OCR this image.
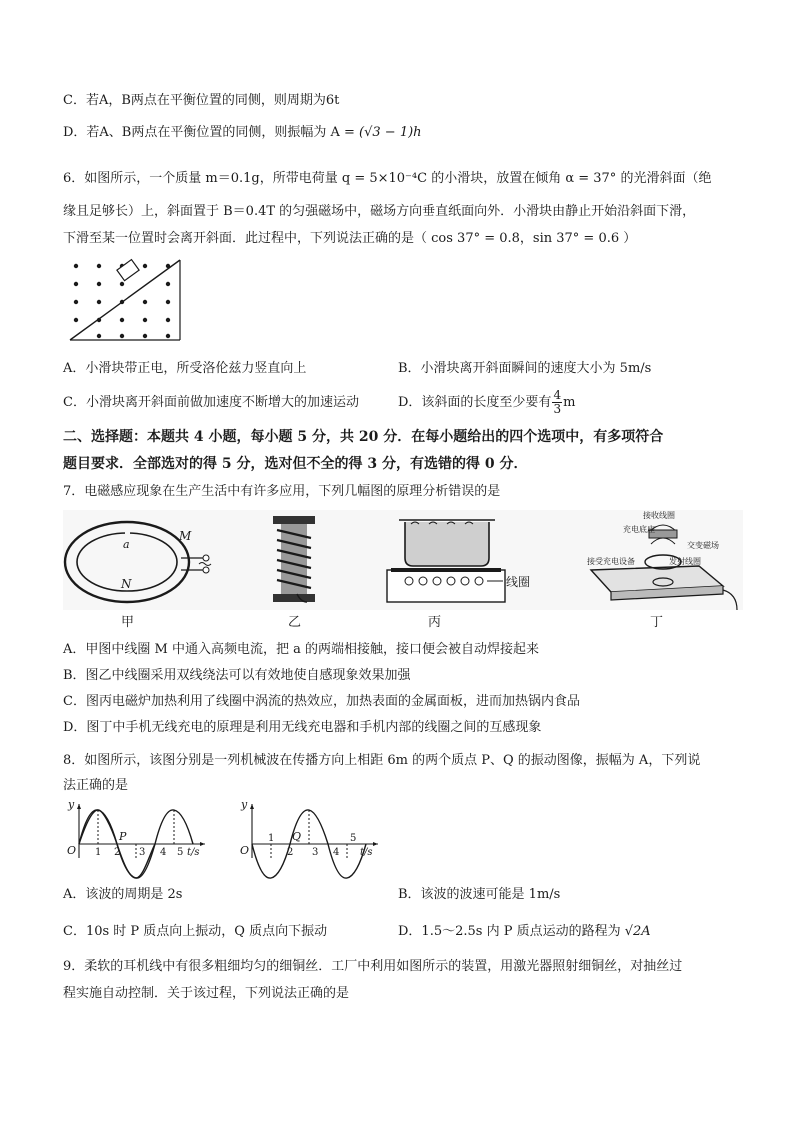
C．若A，B两点在平衡位置的同侧，则周期为6t
D．若A、B两点在平衡位置的同侧，则振幅为 A = (√3 − 1)h
6．如图所示，一个质量 m＝0.1g，所带电荷量 q = 5×10⁻⁴C 的小滑块，放置在倾角 α = 37° 的光滑斜面（绝
缘且足够长）上，斜面置于 B＝0.4T 的匀强磁场中，磁场方向垂直纸面向外．小滑块由静止开始沿斜面下滑，
下滑至某一位置时会离开斜面．此过程中，下列说法正确的是（ cos 37° = 0.8，sin 37° = 0.6 ）
A．小滑块带正电，所受洛伦兹力竖直向上	B．小滑块离开斜面瞬间的速度大小为 5m/s
C．小滑块离开斜面前做加速度不断增大的加速运动	D．该斜面的长度至少要有 $\frac{4}{3}$ m
二、选择题：本题共 4 小题，每小题 5 分，共 20 分．在每小题给出的四个选项中，有多项符合
题目要求．全部选对的得 5 分，选对但不全的得 3 分，有选错的得 0 分．
7．电磁感应现象在生产生活中有许多应用，下列几幅图的原理分析错误的是
M
a
N	线圈
充电底座
接收线圈
交变磁场
接受充电设备	发射线圈
甲	乙	丙	丁
A．甲图中线圈 M 中通入高频电流，把 a 的两端相接触，接口便会被自动焊接起来
B．图乙中线圈采用双线绕法可以有效地使自感现象效果加强
C．图丙电磁炉加热利用了线圈中涡流的热效应，加热表面的金属面板，进而加热锅内食品
D．图丁中手机无线充电的原理是利用无线充电器和手机内部的线圈之间的互感现象
8．如图所示，该图分别是一列机械波在传播方向上相距 6m 的两个质点 P、Q 的振动图像，振幅为 A，下列说
法正确的是
y
O
P
1 2 3 4 5 t/s
y
O
Q
1
2 3 4
5
t/s
A．该波的周期是 2s	B．该波的波速可能是 1m/s
C．10s 时 P 质点向上振动，Q 质点向下振动	D．1.5～2.5s 内 P 质点运动的路程为 √2A
9．柔软的耳机线中有很多粗细均匀的细铜丝．工厂中利用如图所示的装置，用激光器照射细铜丝，对抽丝过
程实施自动控制．关于该过程，下列说法正确的是
